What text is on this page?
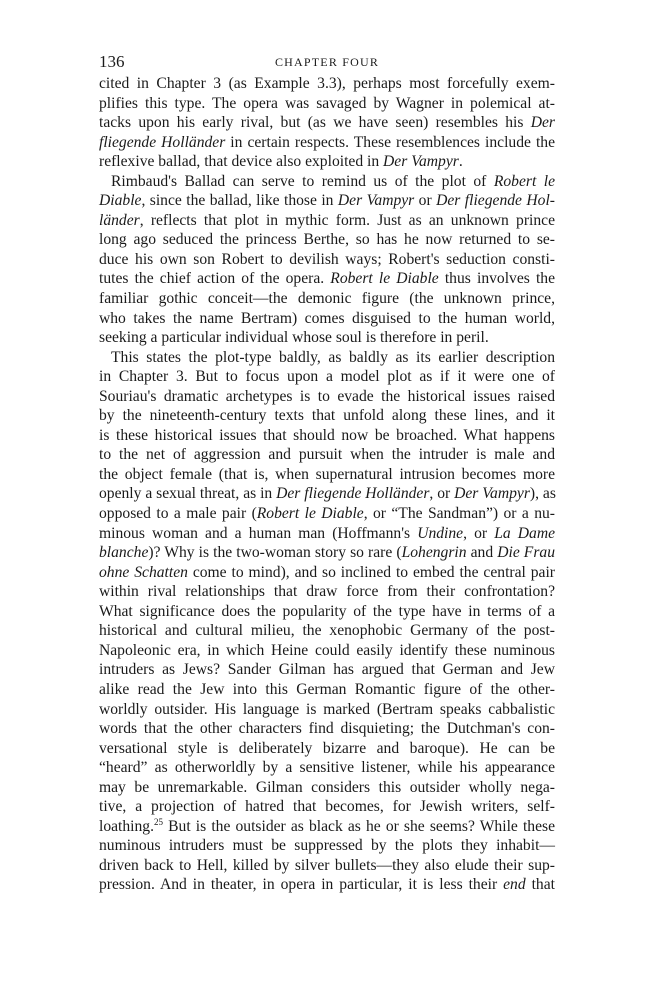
136	CHAPTER FOUR
cited in Chapter 3 (as Example 3.3), perhaps most forcefully exem-
plifies this type. The opera was savaged by Wagner in polemical at-
tacks upon his early rival, but (as we have seen) resembles his Der
fliegende Holländer in certain respects. These resemblences include the
reflexive ballad, that device also exploited in Der Vampyr.
Rimbaud's Ballad can serve to remind us of the plot of Robert le
Diable, since the ballad, like those in Der Vampyr or Der fliegende Hol-
länder, reflects that plot in mythic form. Just as an unknown prince
long ago seduced the princess Berthe, so has he now returned to se-
duce his own son Robert to devilish ways; Robert's seduction consti-
tutes the chief action of the opera. Robert le Diable thus involves the
familiar gothic conceit—the demonic figure (the unknown prince,
who takes the name Bertram) comes disguised to the human world,
seeking a particular individual whose soul is therefore in peril.
This states the plot-type baldly, as baldly as its earlier description
in Chapter 3. But to focus upon a model plot as if it were one of
Souriau's dramatic archetypes is to evade the historical issues raised
by the nineteenth-century texts that unfold along these lines, and it
is these historical issues that should now be broached. What happens
to the net of aggression and pursuit when the intruder is male and
the object female (that is, when supernatural intrusion becomes more
openly a sexual threat, as in Der fliegende Holländer, or Der Vampyr), as
opposed to a male pair (Robert le Diable, or “The Sandman”) or a nu-
minous woman and a human man (Hoffmann's Undine, or La Dame
blanche)? Why is the two-woman story so rare (Lohengrin and Die Frau
ohne Schatten come to mind), and so inclined to embed the central pair
within rival relationships that draw force from their confrontation?
What significance does the popularity of the type have in terms of a
historical and cultural milieu, the xenophobic Germany of the post-
Napoleonic era, in which Heine could easily identify these numinous
intruders as Jews? Sander Gilman has argued that German and Jew
alike read the Jew into this German Romantic figure of the other-
worldly outsider. His language is marked (Bertram speaks cabbalistic
words that the other characters find disquieting; the Dutchman's con-
versational style is deliberately bizarre and baroque). He can be
“heard” as otherworldly by a sensitive listener, while his appearance
may be unremarkable. Gilman considers this outsider wholly nega-
tive, a projection of hatred that becomes, for Jewish writers, self-
loathing.$^{25}$ But is the outsider as black as he or she seems? While these
numinous intruders must be suppressed by the plots they inhabit—
driven back to Hell, killed by silver bullets—they also elude their sup-
pression. And in theater, in opera in particular, it is less their end that
